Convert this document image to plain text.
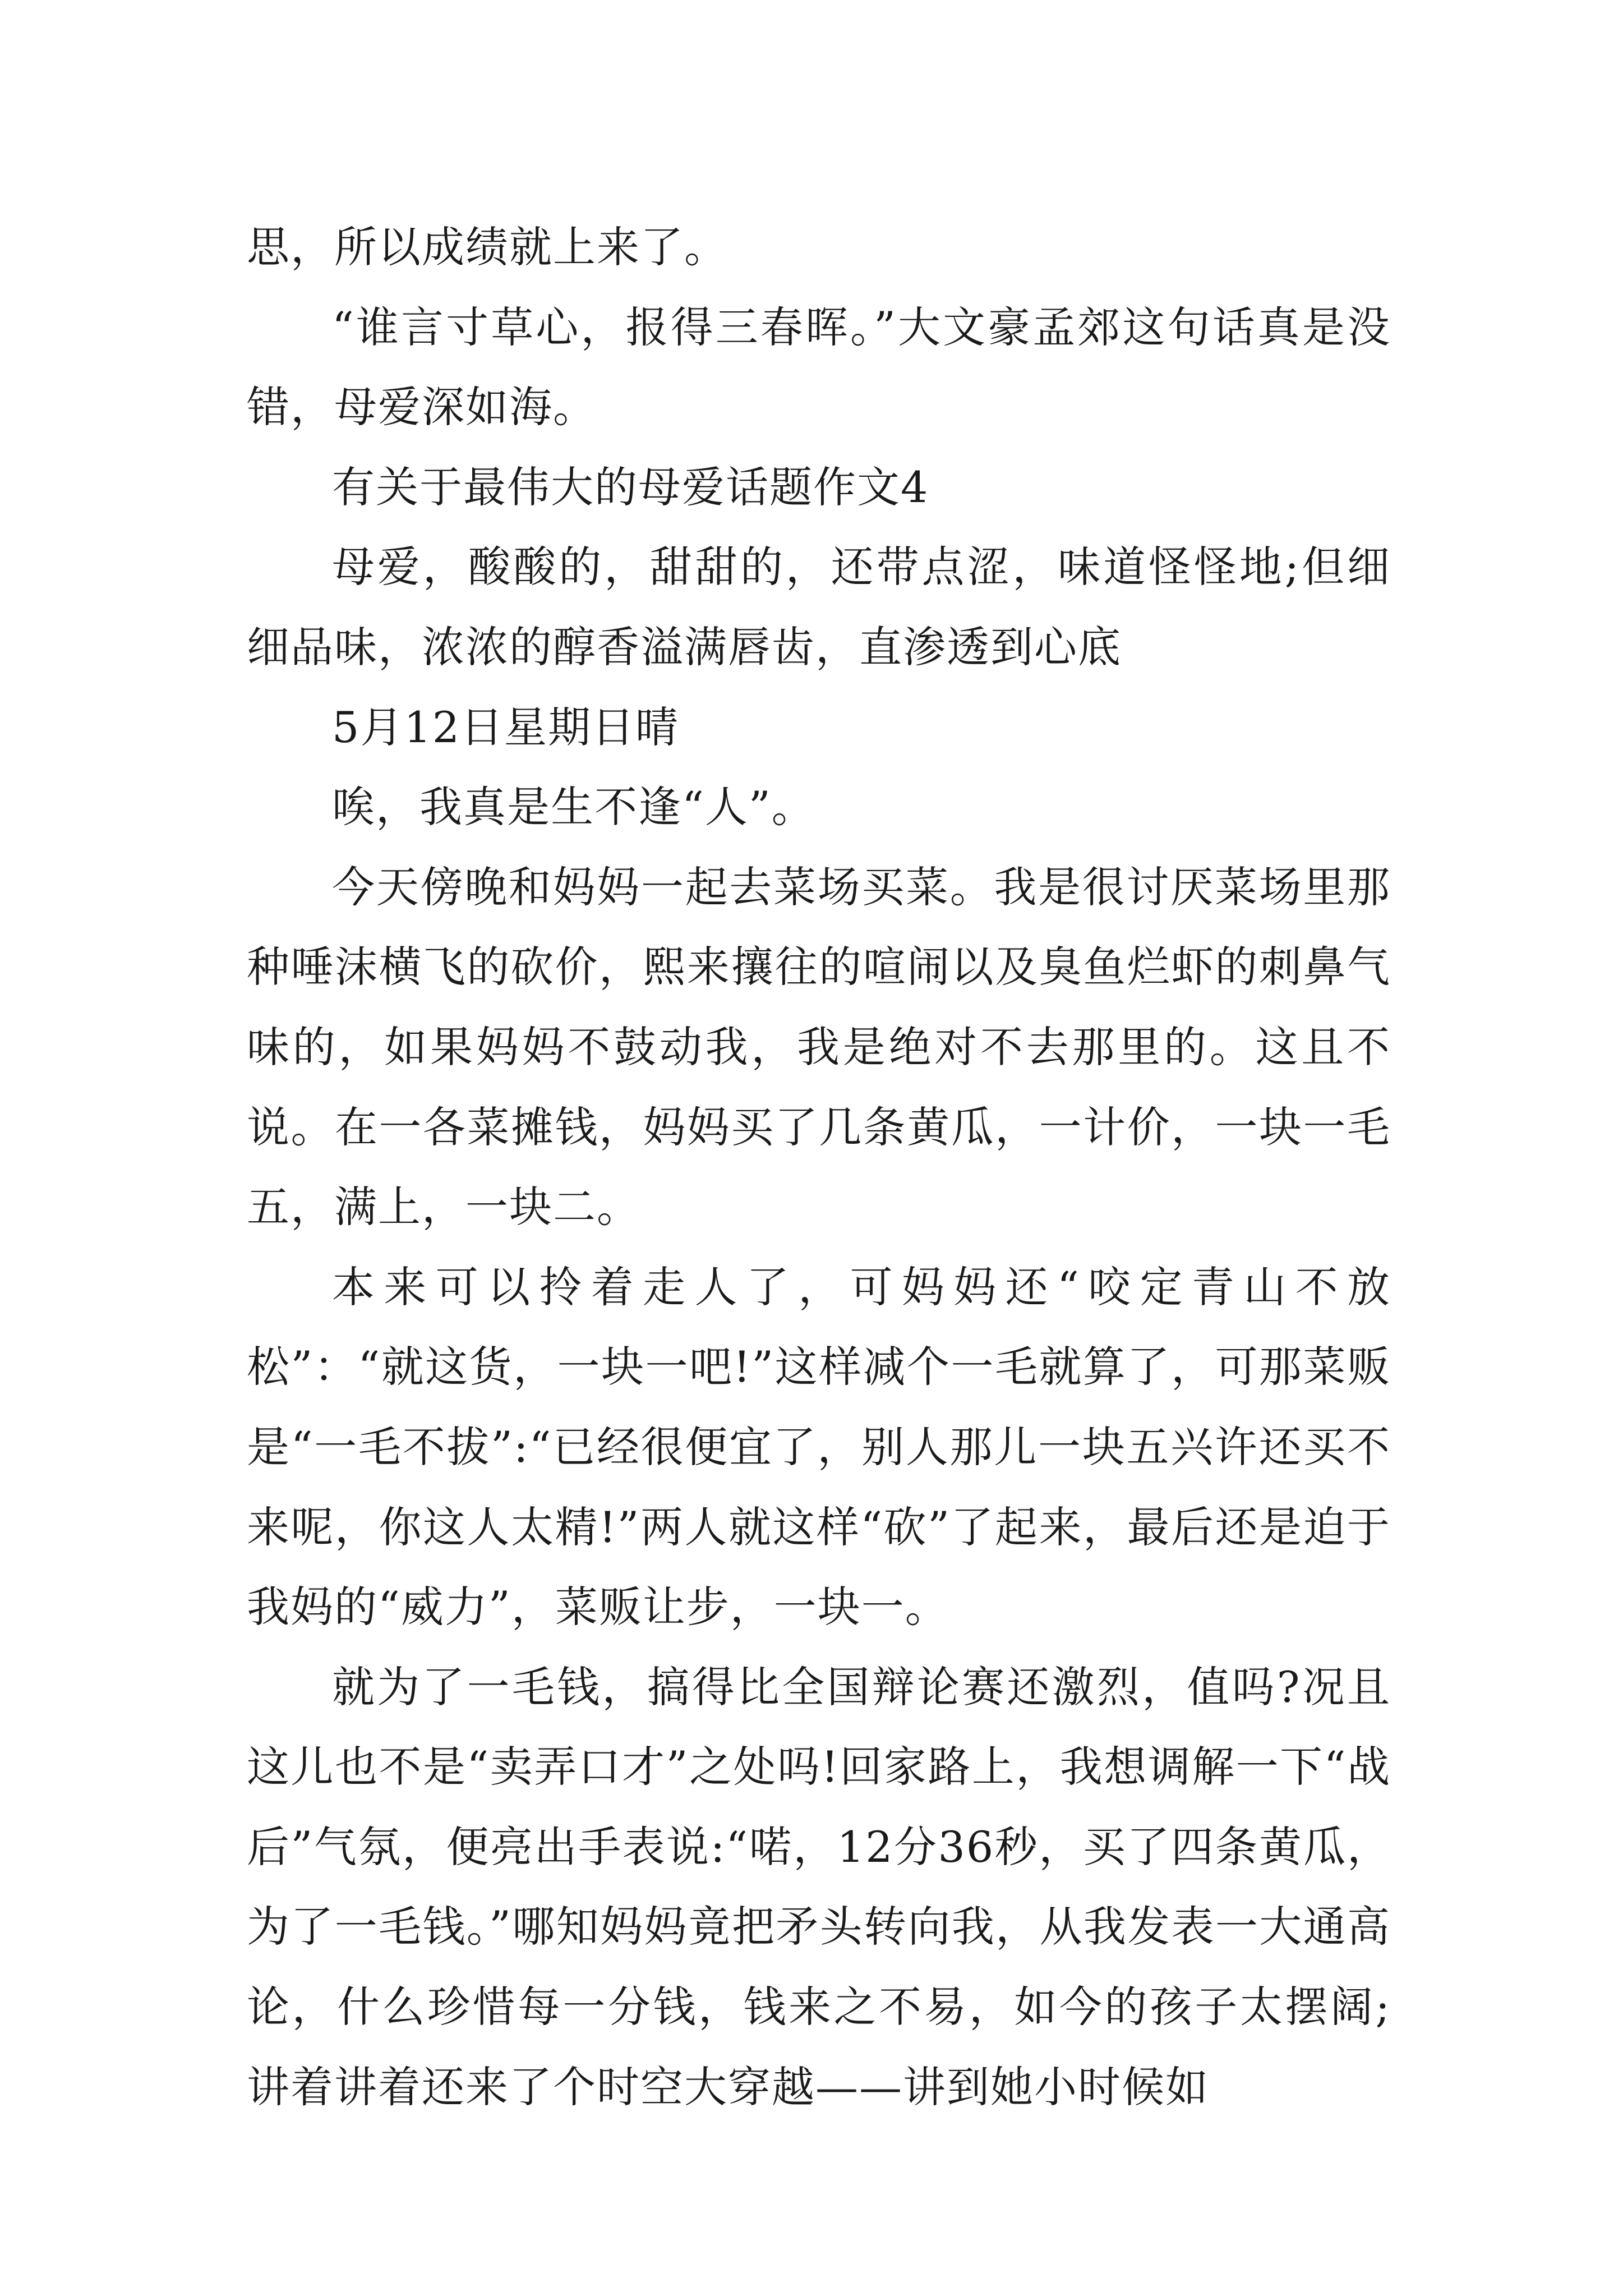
思，所以成绩就上来了。

“谁言寸草心，报得三春晖。”大文豪孟郊这句话真是没错，母爱深如海。

有关于最伟大的母爱话题作文4

母爱，酸酸的，甜甜的，还带点涩，味道怪怪地;但细细品味，浓浓的醇香溢满唇齿，直渗透到心底

5月12日星期日晴

唉，我真是生不逢“人”。

今天傍晚和妈妈一起去菜场买菜。我是很讨厌菜场里那种唾沫横飞的砍价，熙来攘往的喧闹以及臭鱼烂虾的刺鼻气味的，如果妈妈不鼓动我，我是绝对不去那里的。这且不说。在一各菜摊钱，妈妈买了几条黄瓜，一计价，一块一毛五，满上，一块二。

本来可以拎着走人了，可妈妈还“咬定青山不放松”：“就这货，一块一吧!”这样减个一毛就算了，可那菜贩是“一毛不拔”:“已经很便宜了，别人那儿一块五兴许还买不来呢，你这人太精!”两人就这样“砍”了起来，最后还是迫于我妈的“威力”，菜贩让步，一块一。

就为了一毛钱，搞得比全国辩论赛还激烈，值吗?况且这儿也不是“卖弄口才”之处吗!回家路上，我想调解一下“战后”气氛，便亮出手表说:“喏，12分36秒，买了四条黄瓜，为了一毛钱。”哪知妈妈竟把矛头转向我，从我发表一大通高论，什么珍惜每一分钱，钱来之不易，如今的孩子太摆阔;讲着讲着还来了个时空大穿越——讲到她小时候如
